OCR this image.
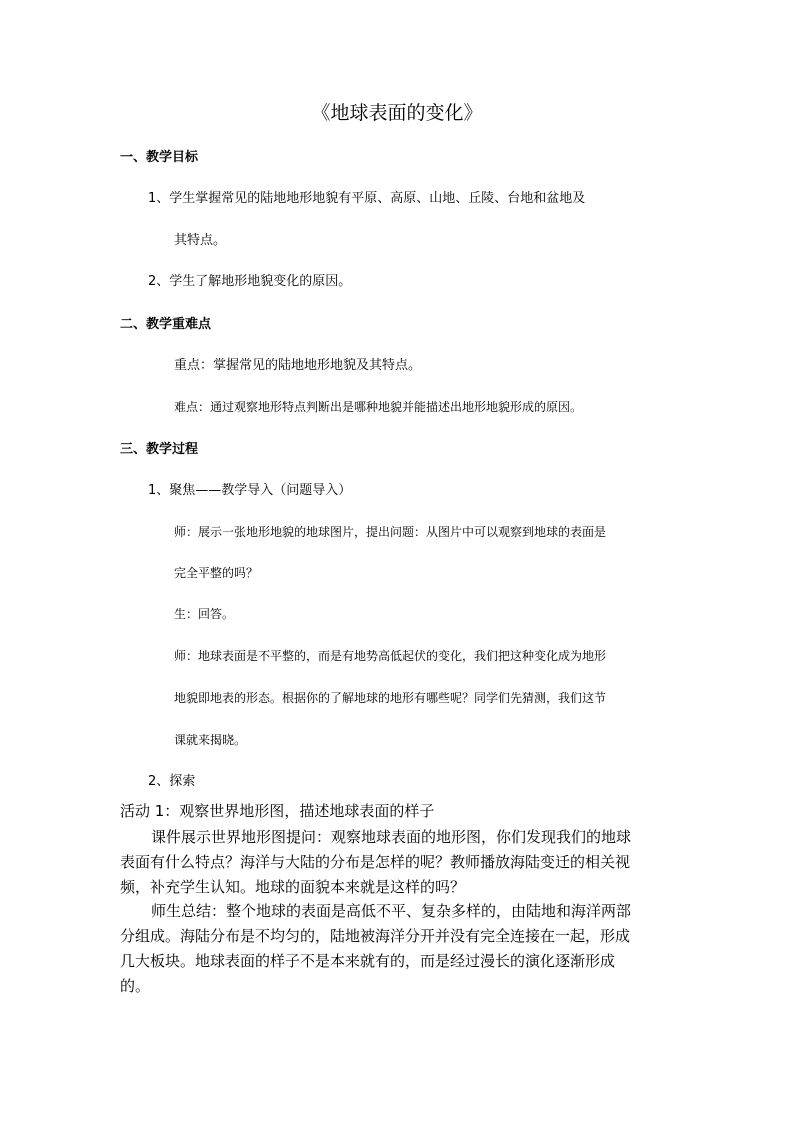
《地球表面的变化》
一、教学目标
1、学生掌握常见的陆地地形地貌有平原、高原、山地、丘陵、台地和盆地及
其特点。
2、学生了解地形地貌变化的原因。
二、教学重难点
重点：掌握常见的陆地地形地貌及其特点。
难点：通过观察地形特点判断出是哪种地貌并能描述出地形地貌形成的原因。
三、教学过程
1、聚焦——教学导入（问题导入）
师：展示一张地形地貌的地球图片，提出问题：从图片中可以观察到地球的表面是
完全平整的吗？
生：回答。
师：地球表面是不平整的，而是有地势高低起伏的变化，我们把这种变化成为地形
地貌即地表的形态。根据你的了解地球的地形有哪些呢？同学们先猜测，我们这节
课就来揭晓。
2、探索
活动 1：观察世界地形图，描述地球表面的样子
课件展示世界地形图提问：观察地球表面的地形图，你们发现我们的地球
表面有什么特点？海洋与大陆的分布是怎样的呢？教师播放海陆变迁的相关视
频，补充学生认知。地球的面貌本来就是这样的吗？
师生总结：整个地球的表面是高低不平、复杂多样的，由陆地和海洋两部
分组成。海陆分布是不均匀的，陆地被海洋分开并没有完全连接在一起，形成
几大板块。地球表面的样子不是本来就有的，而是经过漫长的演化逐渐形成
的。
